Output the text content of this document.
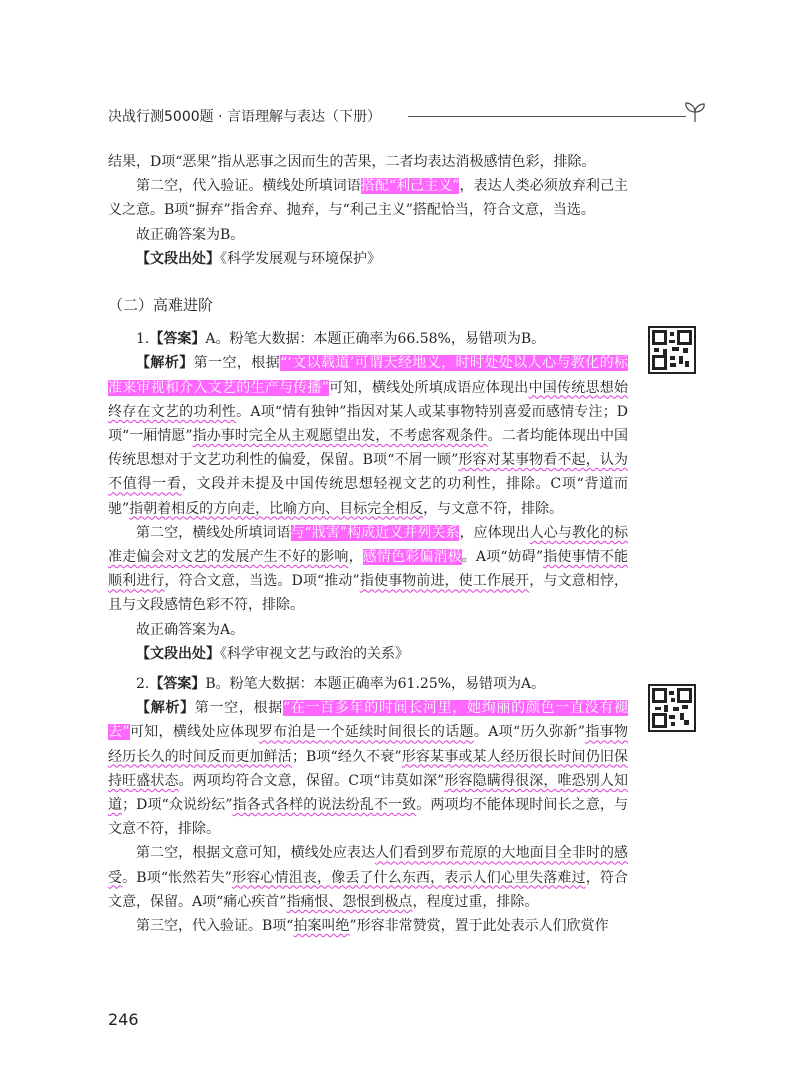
决战行测5000题 · 言语理解与表达（下册）

结果，D项“恶果”指从恶事之因而生的苦果，二者均表达消极感情色彩，排除。

第二空，代入验证。横线处所填词语搭配“利己主义”，表达人类必须放弃利己主义之意。B项“摒弃”指舍弃、抛弃，与“利己主义”搭配恰当，符合文意，当选。

故正确答案为B。

【文段出处】《科学发展观与环境保护》

（二）高难进阶

1.【答案】A。粉笔大数据：本题正确率为66.58%，易错项为B。

【解析】第一空，根据“‘文以载道’可谓天经地义，时时处处以人心与教化的标准来审视和介入文艺的生产与传播”可知，横线处所填成语应体现出中国传统思想始终存在文艺的功利性。A项“情有独钟”指因对某人或某事物特别喜爱而感情专注；D项“一厢情愿”指办事时完全从主观愿望出发，不考虑客观条件。二者均能体现出中国传统思想对于文艺功利性的偏爱，保留。B项“不屑一顾”形容对某事物看不起，认为不值得一看，文段并未提及中国传统思想轻视文艺的功利性，排除。C项“背道而驰”指朝着相反的方向走，比喻方向、目标完全相反，与文意不符，排除。

第二空，横线处所填词语与“戕害”构成近义并列关系，应体现出人心与教化的标准走偏会对文艺的发展产生不好的影响，感情色彩偏消极。A项“妨碍”指使事情不能顺利进行，符合文意，当选。D项“推动”指使事物前进，使工作展开，与文意相悖，且与文段感情色彩不符，排除。

故正确答案为A。

【文段出处】《科学审视文艺与政治的关系》

2.【答案】B。粉笔大数据：本题正确率为61.25%，易错项为A。

【解析】第一空，根据“在一百多年的时间长河里，她绚丽的颜色一直没有褪去”可知，横线处应体现罗布泊是一个延续时间很长的话题。A项“历久弥新”指事物经历长久的时间反而更加鲜活；B项“经久不衰”形容某事或某人经历很长时间仍旧保持旺盛状态。两项均符合文意，保留。C项“讳莫如深”形容隐瞒得很深，唯恐别人知道；D项“众说纷纭”指各式各样的说法纷乱不一致。两项均不能体现时间长之意，与文意不符，排除。

第二空，根据文意可知，横线处应表达人们看到罗布荒原的大地面目全非时的感受。B项“怅然若失”形容心情沮丧，像丢了什么东西，表示人们心里失落难过，符合文意，保留。A项“痛心疾首”指痛恨、怨恨到极点，程度过重，排除。

第三空，代入验证。B项“拍案叫绝”形容非常赞赏，置于此处表示人们欣赏作

246
